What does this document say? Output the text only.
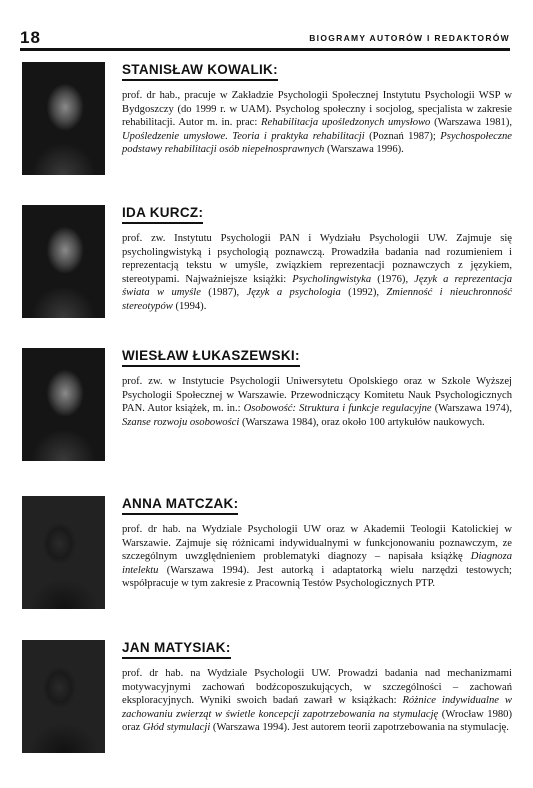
18	BIOGRAMY AUTORÓW I REDAKTORÓW
STANISŁAW KOWALIK:

prof. dr hab., pracuje w Zakładzie Psychologii Społecznej Instytutu Psychologii WSP w Bydgoszczy (do 1999 r. w UAM). Psycholog społeczny i socjolog, specjalista w zakresie rehabilitacji. Autor m. in. prac: Rehabilitacja upośledzonych umysłowo (Warszawa 1981), Upośledzenie umysłowe. Teoria i praktyka rehabilitacji (Poznań 1987); Psychospołeczne podstawy rehabilitacji osób niepełnosprawnych (Warszawa 1996).

IDA KURCZ:

prof. zw. Instytutu Psychologii PAN i Wydziału Psychologii UW. Zajmuje się psycholingwistyką i psychologią poznawczą. Prowadziła badania nad rozumieniem i reprezentacją tekstu w umyśle, związkiem reprezentacji poznawczych z językiem, stereotypami. Najważniejsze książki: Psycholingwistyka (1976), Język a reprezentacja świata w umyśle (1987), Język a psychologia (1992), Zmienność i nieuchronność stereotypów (1994).

WIESŁAW ŁUKASZEWSKI:

prof. zw. w Instytucie Psychologii Uniwersytetu Opolskiego oraz w Szkole Wyższej Psychologii Społecznej w Warszawie. Przewodniczący Komitetu Nauk Psychologicznych PAN. Autor książek, m. in.: Osobowość: Struktura i funkcje regulacyjne (Warszawa 1974), Szanse rozwoju osobowości (Warszawa 1984), oraz około 100 artykułów naukowych.

ANNA MATCZAK:

prof. dr hab. na Wydziale Psychologii UW oraz w Akademii Teologii Katolickiej w Warszawie. Zajmuje się różnicami indywidualnymi w funkcjonowaniu poznawczym, ze szczególnym uwzględnieniem problematyki diagnozy – napisała książkę Diagnoza intelektu (Warszawa 1994). Jest autorką i adaptatorką wielu narzędzi testowych; współpracuje w tym zakresie z Pracownią Testów Psychologicznych PTP.

JAN MATYSIAK:

prof. dr hab. na Wydziale Psychologii UW. Prowadzi badania nad mechanizmami motywacyjnymi zachowań bodźcoposzukujących, w szczególności – zachowań eksploracyjnych. Wyniki swoich badań zawarł w książkach: Różnice indywidualne w zachowaniu zwierząt w świetle koncepcji zapotrzebowania na stymulację (Wrocław 1980) oraz Głód stymulacji (Warszawa 1994). Jest autorem teorii zapotrzebowania na stymulację.
